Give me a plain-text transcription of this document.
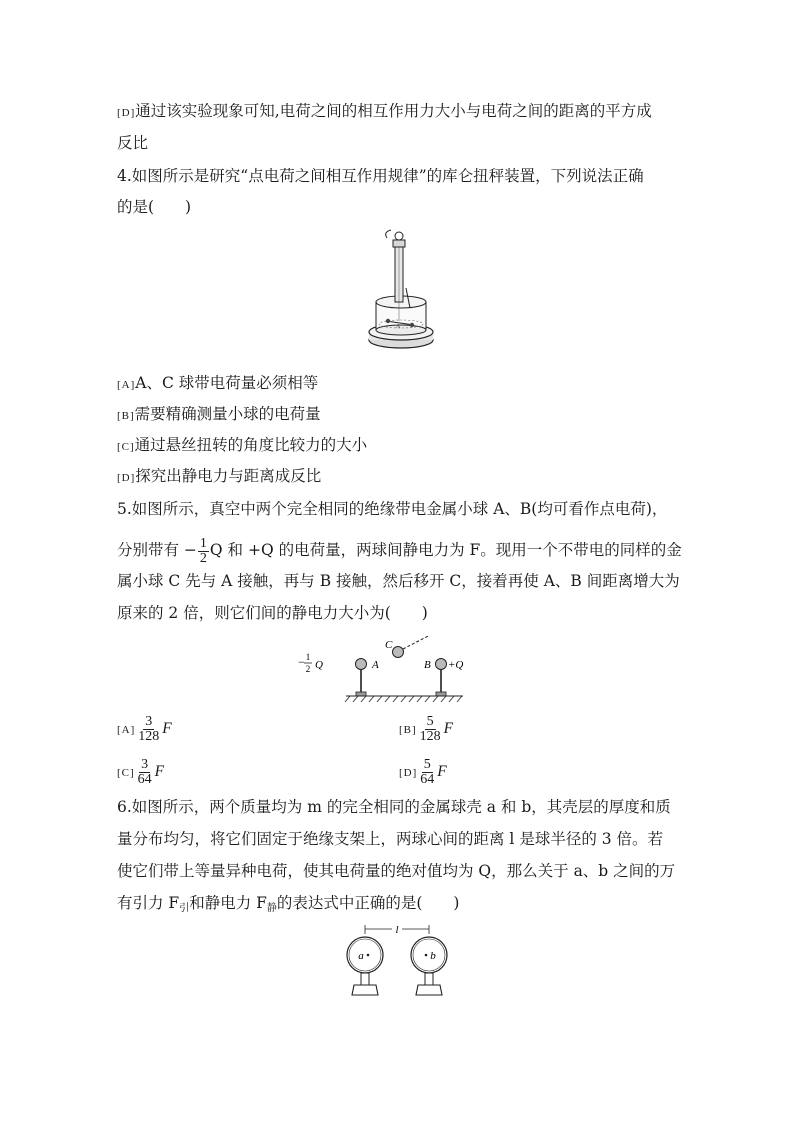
[D]通过该实验现象可知,电荷之间的相互作用力大小与电荷之间的距离的平方成
反比
4.如图所示是研究“点电荷之间相互作用规律”的库仑扭秤装置，下列说法正确
的是(　　)
A
[A]A、C 球带电荷量必须相等
[B]需要精确测量小球的电荷量
[C]通过悬丝扭转的角度比较力的大小
[D]探究出静电力与距离成反比
5.如图所示，真空中两个完全相同的绝缘带电金属小球 A、B(均可看作点电荷)，
分别带有 − $\frac{1}{2}$ Q 和 +Q 的电荷量，两球间静电力为 F。现用一个不带电的同样的金
属小球 C 先与 A 接触，再与 B 接触，然后移开 C，接着再使 A、B 间距离增大为
原来的 2 倍，则它们间的静电力大小为(　　)
− 1
2 Q	A	B +Q
C
$[A] \frac{3}{128}$ F	$[B] \frac{5}{128}$ F
$[C] \frac{3}{64}$ F	$[D] \frac{5}{64}$ F
6.如图所示，两个质量均为 m 的完全相同的金属球壳 a 和 b，其壳层的厚度和质
量分布均匀，将它们固定于绝缘支架上，两球心间的距离 l 是球半径的 3 倍。若
使它们带上等量异种电荷，使其电荷量的绝对值均为 Q，那么关于 a、b 之间的万
有引力 $F_引$和静电力 $F_静$的表达式中正确的是(　　)
l
a	b
